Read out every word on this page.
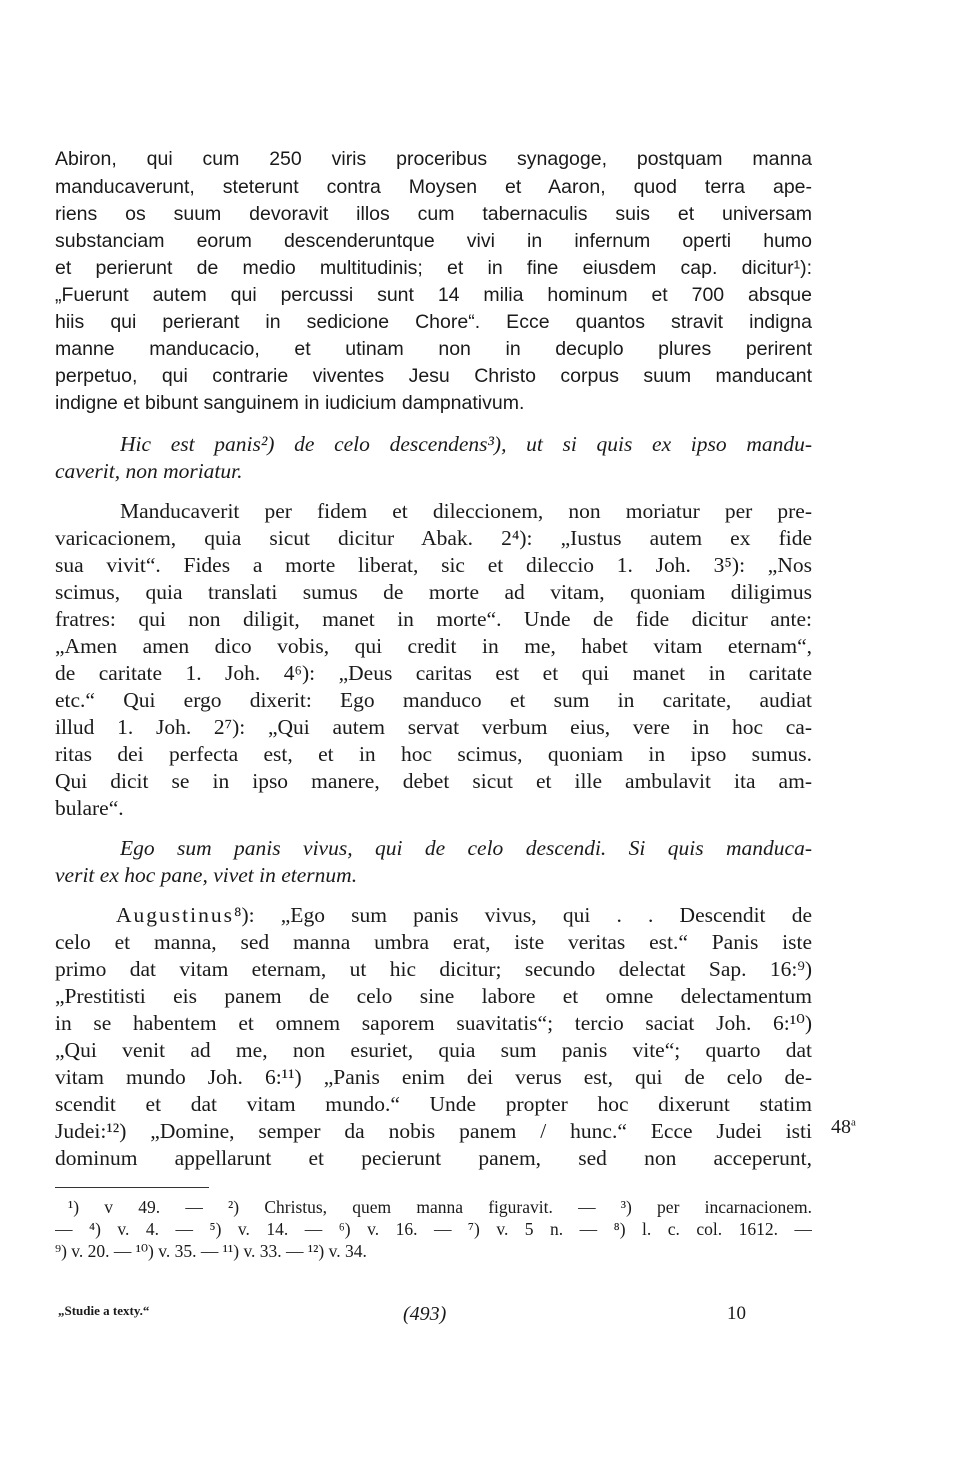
Abiron, qui cum 250 viris proceribus synagoge, postquam manna

manducaverunt, steterunt contra Moysen et Aaron, quod terra ape-

riens os suum devoravit illos cum tabernaculis suis et universam

substanciam eorum descenderuntque vivi in infernum operti humo

et perierunt de medio multitudinis; et in fine eiusdem cap. dicitur¹):

„Fuerunt autem qui percussi sunt 14 milia hominum et 700 absque

hiis qui perierant in sedicione Chore“. Ecce quantos stravit indigna

manne manducacio, et utinam non in decuplo plures perirent

perpetuo, qui contrarie viventes Jesu Christo corpus suum manducant

indigne et bibunt sanguinem in iudicium dampnativum.

Hic est panis²) de celo descendens³), ut si quis ex ipso mandu-

caverit, non moriatur.

Manducaverit per fidem et dileccionem, non moriatur per pre-

varicacionem, quia sicut dicitur Abak. 2⁴): „Iustus autem ex fide

sua vivit“. Fides a morte liberat, sic et dileccio 1. Joh. 3⁵): „Nos

scimus, quia translati sumus de morte ad vitam, quoniam diligimus

fratres: qui non diligit, manet in morte“. Unde de fide dicitur ante:

„Amen amen dico vobis, qui credit in me, habet vitam eternam“,

de caritate 1. Joh. 4⁶): „Deus caritas est et qui manet in caritate

etc.“ Qui ergo dixerit: Ego manduco et sum in caritate, audiat

illud 1. Joh. 2⁷): „Qui autem servat verbum eius, vere in hoc ca-

ritas dei perfecta est, et in hoc scimus, quoniam in ipso sumus.

Qui dicit se in ipso manere, debet sicut et ille ambulavit ita am-

bulare“.

Ego sum panis vivus, qui de celo descendi. Si quis manduca-

verit ex hoc pane, vivet in eternum.

Augustinus ⁸): „Ego sum panis vivus, qui . . Descendit de

celo et manna, sed manna umbra erat, iste veritas est.“ Panis iste

primo dat vitam eternam, ut hic dicitur; secundo delectat Sap. 16:⁹)

„Prestitisti eis panem de celo sine labore et omne delectamentum

in se habentem et omnem saporem suavitatis“; tercio saciat Joh. 6:¹⁰)

„Qui venit ad me, non esuriet, quia sum panis vite“; quarto dat

vitam mundo Joh. 6:¹¹) „Panis enim dei verus est, qui de celo de-

scendit et dat vitam mundo.“ Unde propter hoc dixerunt statim

Judei:¹²) „Domine, semper da nobis panem / hunc.“ Ecce Judei isti

dominum appellarunt et pecierunt panem, sed non acceperunt,

48$^a$

¹) v 49. — ²) Christus, quem manna figuravit. — ³) per incarnacionem.

— ⁴) v. 4. — ⁵) v. 14. — ⁶) v. 16. — ⁷) v. 5 n. — ⁸) l. c. col. 1612. —

⁹) v. 20. — ¹⁰) v. 35. — ¹¹) v. 33. — ¹²) v. 34.

„Studie a texty.“	(493)	10
